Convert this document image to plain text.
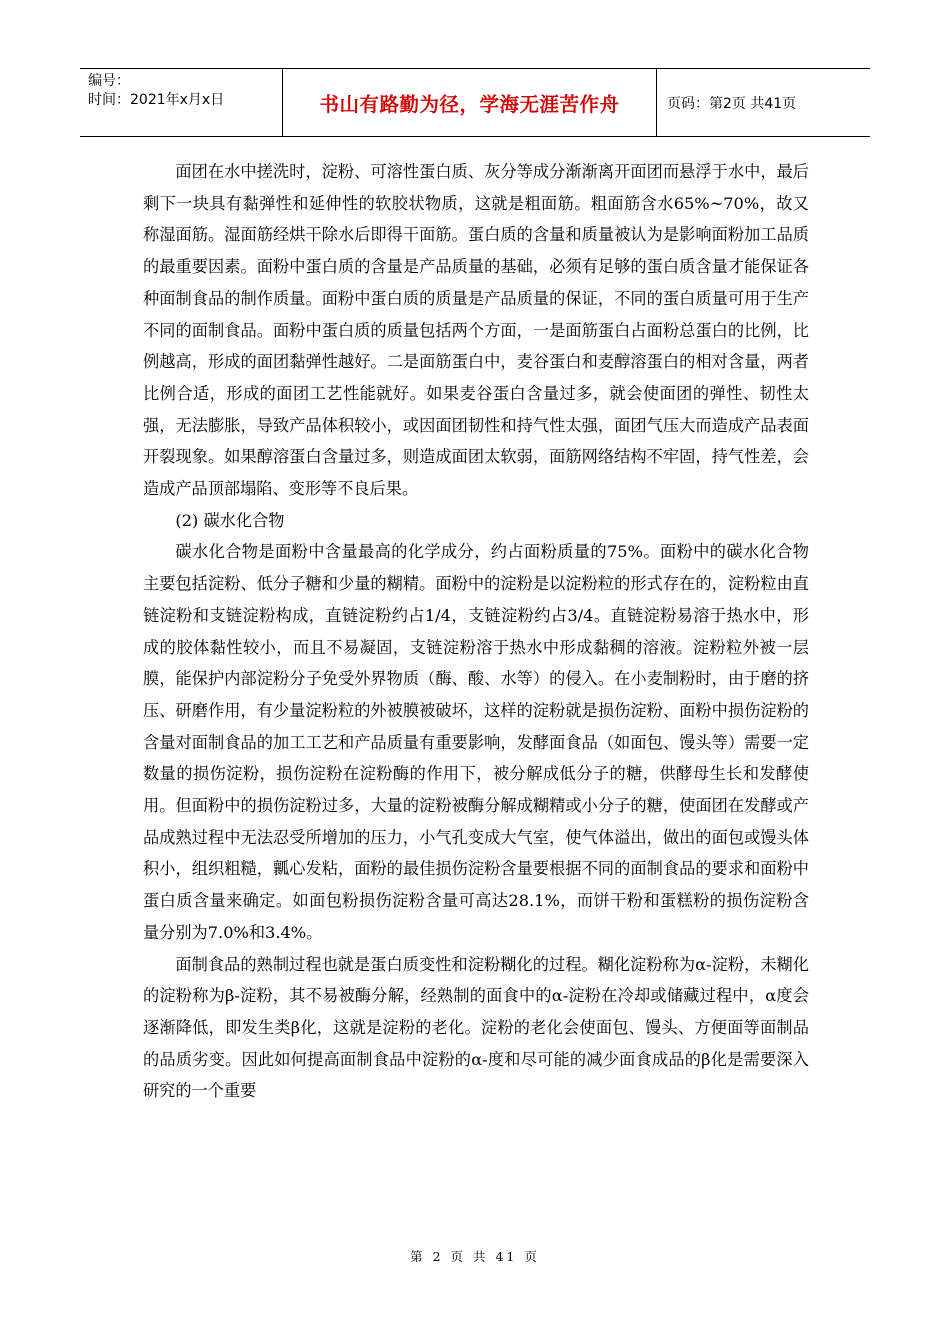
编号：
时间：2021年x月x日	书山有路勤为径，学海无涯苦作舟	页码：第2页 共41页

面团在水中搓洗时，淀粉、可溶性蛋白质、灰分等成分渐渐离开面团而悬浮于水中，最后剩下一块具有黏弹性和延伸性的软胶状物质，这就是粗面筋。粗面筋含水65%~70%，故又称湿面筋。湿面筋经烘干除水后即得干面筋。蛋白质的含量和质量被认为是影响面粉加工品质的最重要因素。面粉中蛋白质的含量是产品质量的基础，必须有足够的蛋白质含量才能保证各种面制食品的制作质量。面粉中蛋白质的质量是产品质量的保证，不同的蛋白质量可用于生产不同的面制食品。面粉中蛋白质的质量包括两个方面，一是面筋蛋白占面粉总蛋白的比例，比例越高，形成的面团黏弹性越好。二是面筋蛋白中，麦谷蛋白和麦醇溶蛋白的相对含量，两者比例合适，形成的面团工艺性能就好。如果麦谷蛋白含量过多，就会使面团的弹性、韧性太强，无法膨胀，导致产品体积较小，或因面团韧性和持气性太强，面团气压大而造成产品表面开裂现象。如果醇溶蛋白含量过多，则造成面团太软弱，面筋网络结构不牢固，持气性差，会造成产品顶部塌陷、变形等不良后果。

(2) 碳水化合物

碳水化合物是面粉中含量最高的化学成分，约占面粉质量的75%。面粉中的碳水化合物主要包括淀粉、低分子糖和少量的糊精。面粉中的淀粉是以淀粉粒的形式存在的，淀粉粒由直链淀粉和支链淀粉构成，直链淀粉约占1/4，支链淀粉约占3/4。直链淀粉易溶于热水中，形成的胶体黏性较小，而且不易凝固，支链淀粉溶于热水中形成黏稠的溶液。淀粉粒外被一层膜，能保护内部淀粉分子免受外界物质（酶、酸、水等）的侵入。在小麦制粉时，由于磨的挤压、研磨作用，有少量淀粉粒的外被膜被破坏，这样的淀粉就是损伤淀粉、面粉中损伤淀粉的含量对面制食品的加工工艺和产品质量有重要影响，发酵面食品（如面包、馒头等）需要一定数量的损伤淀粉，损伤淀粉在淀粉酶的作用下，被分解成低分子的糖，供酵母生长和发酵使用。但面粉中的损伤淀粉过多，大量的淀粉被酶分解成糊精或小分子的糖，使面团在发酵或产品成熟过程中无法忍受所增加的压力，小气孔变成大气室，使气体溢出，做出的面包或馒头体积小，组织粗糙，瓤心发粘，面粉的最佳损伤淀粉含量要根据不同的面制食品的要求和面粉中蛋白质含量来确定。如面包粉损伤淀粉含量可高达28.1%，而饼干粉和蛋糕粉的损伤淀粉含量分别为7.0%和3.4%。

面制食品的熟制过程也就是蛋白质变性和淀粉糊化的过程。糊化淀粉称为α-淀粉，未糊化的淀粉称为β-淀粉，其不易被酶分解，经熟制的面食中的α-淀粉在冷却或储藏过程中，α度会逐渐降低，即发生类β化，这就是淀粉的老化。淀粉的老化会使面包、馒头、方便面等面制品的品质劣变。因此如何提高面制食品中淀粉的α-度和尽可能的减少面食成品的β化是需要深入研究的一个重要

第 2 页 共 41 页
